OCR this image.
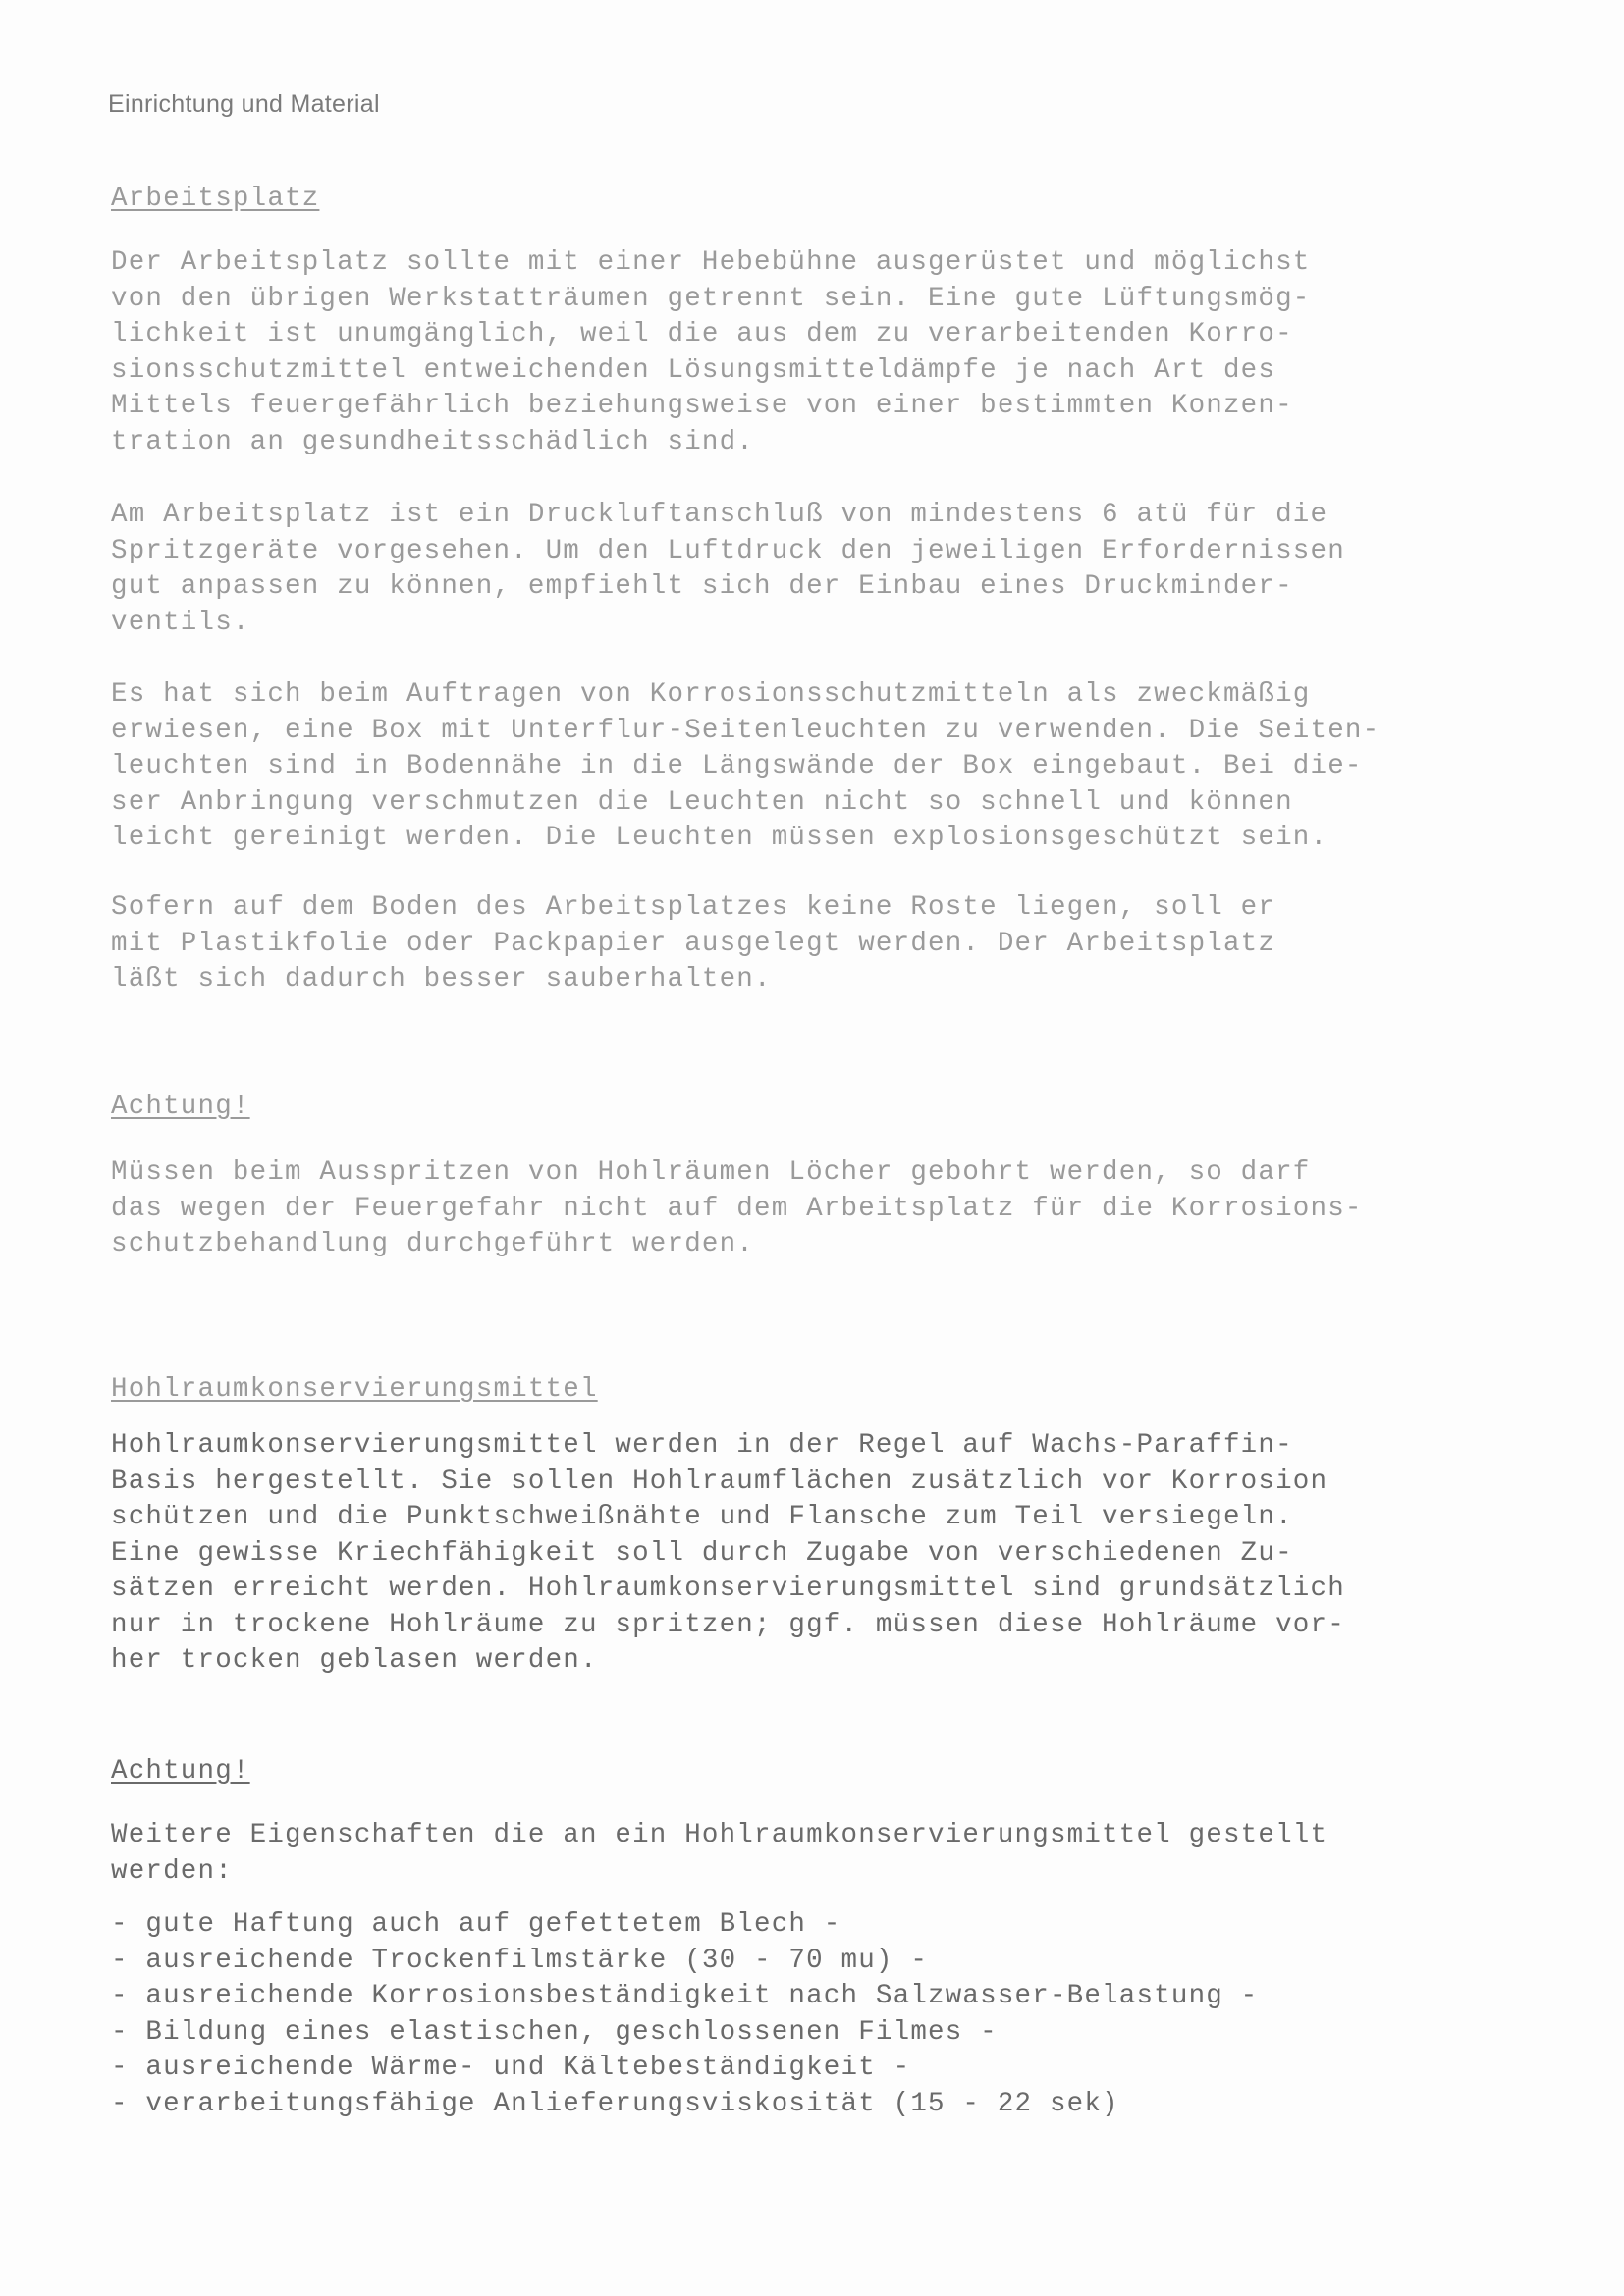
Einrichtung und Material
Arbeitsplatz
Der Arbeitsplatz sollte mit einer Hebebühne ausgerüstet und möglichst
von den übrigen Werkstatträumen getrennt sein. Eine gute Lüftungsmög-
lichkeit ist unumgänglich, weil die aus dem zu verarbeitenden Korro-
sionsschutzmittel entweichenden Lösungsmitteldämpfe je nach Art des
Mittels feuergefährlich beziehungsweise von einer bestimmten Konzen-
tration an gesundheitsschädlich sind.
Am Arbeitsplatz ist ein Druckluftanschluß von mindestens 6 atü für die
Spritzgeräte vorgesehen. Um den Luftdruck den jeweiligen Erfordernissen
gut anpassen zu können, empfiehlt sich der Einbau eines Druckminder-
ventils.
Es hat sich beim Auftragen von Korrosionsschutzmitteln als zweckmäßig
erwiesen, eine Box mit Unterflur-Seitenleuchten zu verwenden. Die Seiten-
leuchten sind in Bodennähe in die Längswände der Box eingebaut. Bei die-
ser Anbringung verschmutzen die Leuchten nicht so schnell und können
leicht gereinigt werden. Die Leuchten müssen explosionsgeschützt sein.
Sofern auf dem Boden des Arbeitsplatzes keine Roste liegen, soll er
mit Plastikfolie oder Packpapier ausgelegt werden. Der Arbeitsplatz
läßt sich dadurch besser sauberhalten.
Achtung!
Müssen beim Ausspritzen von Hohlräumen Löcher gebohrt werden, so darf
das wegen der Feuergefahr nicht auf dem Arbeitsplatz für die Korrosions-
schutzbehandlung durchgeführt werden.
Hohlraumkonservierungsmittel
Hohlraumkonservierungsmittel werden in der Regel auf Wachs-Paraffin-
Basis hergestellt. Sie sollen Hohlraumflächen zusätzlich vor Korrosion
schützen und die Punktschweißnähte und Flansche zum Teil versiegeln.
Eine gewisse Kriechfähigkeit soll durch Zugabe von verschiedenen Zu-
sätzen erreicht werden. Hohlraumkonservierungsmittel sind grundsätzlich
nur in trockene Hohlräume zu spritzen; ggf. müssen diese Hohlräume vor-
her trocken geblasen werden.
Achtung!
Weitere Eigenschaften die an ein Hohlraumkonservierungsmittel gestellt
werden:
- gute Haftung auch auf gefettetem Blech -
- ausreichende Trockenfilmstärke (30 - 70 mu) -
- ausreichende Korrosionsbeständigkeit nach Salzwasser-Belastung -
- Bildung eines elastischen, geschlossenen Filmes -
- ausreichende Wärme- und Kältebeständigkeit -
- verarbeitungsfähige Anlieferungsviskosität (15 - 22 sek)
